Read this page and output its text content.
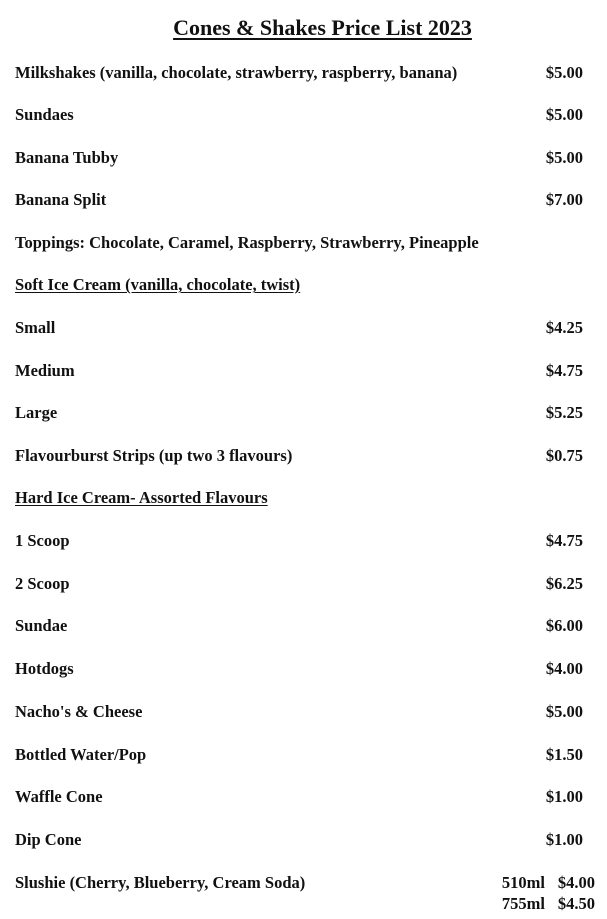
Cones & Shakes Price List 2023
Milkshakes (vanilla, chocolate, strawberry, raspberry, banana)	$5.00
Sundaes	$5.00
Banana Tubby	$5.00
Banana Split	$7.00
Toppings: Chocolate, Caramel, Raspberry, Strawberry, Pineapple
Soft Ice Cream (vanilla, chocolate, twist)
Small	$4.25
Medium	$4.75
Large	$5.25
Flavourburst Strips (up two 3 flavours)	$0.75
Hard Ice Cream- Assorted Flavours
1 Scoop	$4.75
2 Scoop	$6.25
Sundae	$6.00
Hotdogs	$4.00
Nacho's & Cheese	$5.00
Bottled Water/Pop	$1.50
Waffle Cone	$1.00
Dip Cone	$1.00
Slushie (Cherry, Blueberry, Cream Soda)	510ml $4.00
755ml $4.50
